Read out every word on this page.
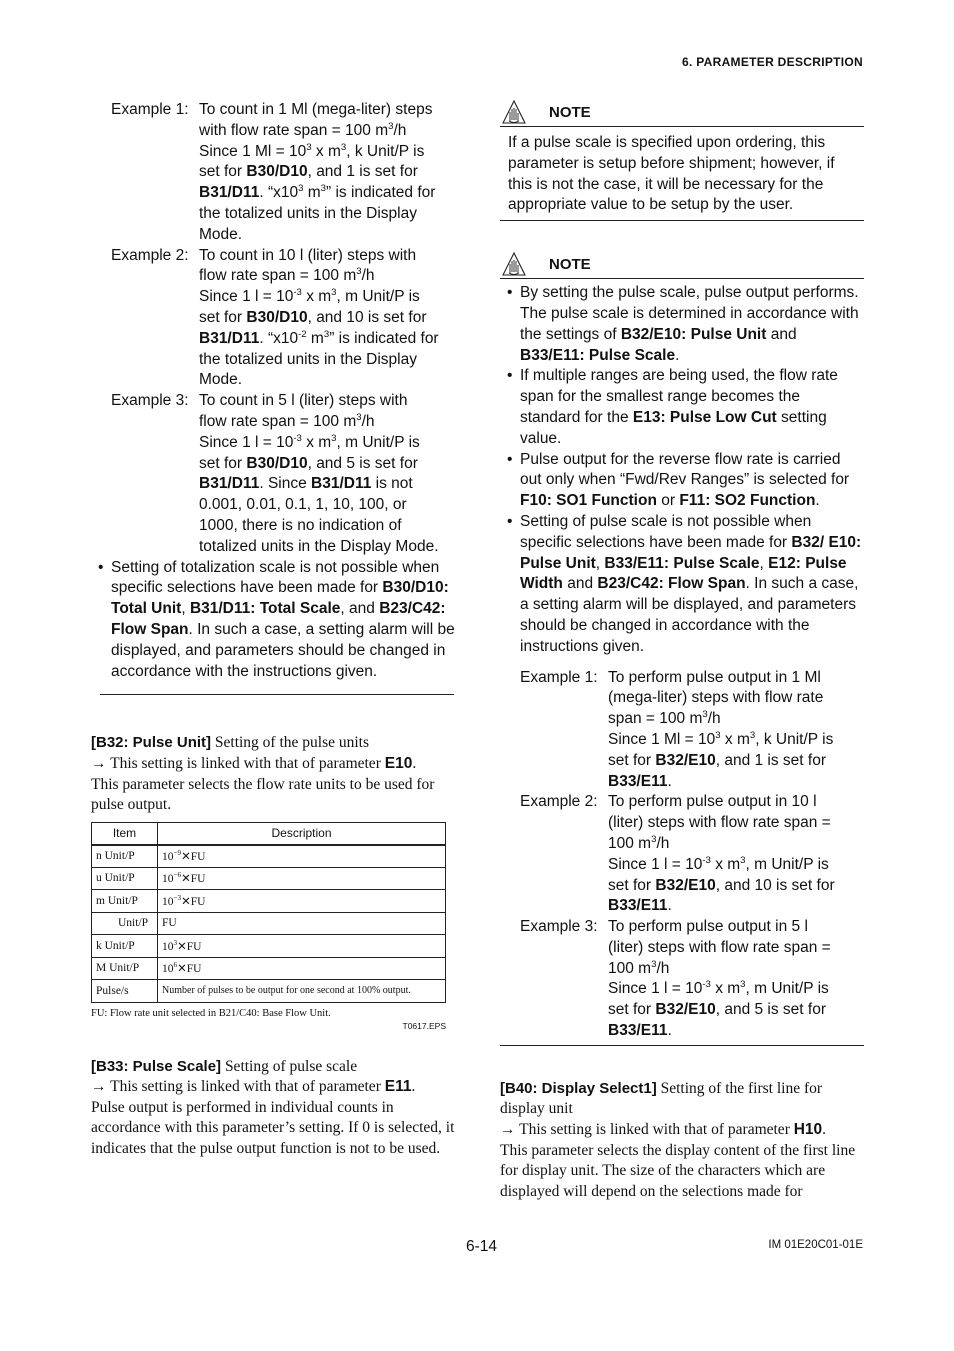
6. PARAMETER DESCRIPTION
Example 1: To count in 1 Ml (mega-liter) steps
with flow rate span = 100 $m^3/h$
Since 1 $Ml = 10^3$ x $m^3$, k Unit/P is
set for B30/D10, and 1 is set for
B31/D11. “$x10^3$ $m^3$” is indicated for
the totalized units in the Display
Mode.
Example 2: To count in 10 l (liter) steps with
flow rate span = 100 $m^3/h$
Since 1 $l = 10^{-3}$ x $m^3$, m Unit/P is
set for B30/D10, and 10 is set for
B31/D11. “$x10^{-2}$ $m^3$” is indicated for
the totalized units in the Display
Mode.
Example 3: To count in 5 l (liter) steps with
flow rate span = 100 $m^3/h$
Since 1 $l = 10^{-3}$ x $m^3$, m Unit/P is
set for B30/D10, and 5 is set for
B31/D11. Since B31/D11 is not
0.001, 0.01, 0.1, 1, 10, 100, or
1000, there is no indication of
totalized units in the Display Mode.
• Setting of totalization scale is not possible when specific selections have been made for B30/D10: Total Unit, B31/D11: Total Scale, and B23/C42: Flow Span. In such a case, a setting alarm will be displayed, and parameters should be changed in accordance with the instructions given.
[B32: Pulse Unit] Setting of the pulse units
→ This setting is linked with that of parameter E10.
This parameter selects the flow rate units to be used for pulse output.
Item	Description
n Unit/P	$10^{-9}✕FU$
u Unit/P	$10^{-6}✕FU$
m Unit/P	$10^{-3}✕FU$
Unit/P	FU
k Unit/P	$10^3✕FU$
M Unit/P	$10^6✕FU$
Pulse/s	Number of pulses to be output for one second at 100% output.
FU: Flow rate unit selected in B21/C40: Base Flow Unit.
T0617.EPS
[B33: Pulse Scale] Setting of pulse scale
→ This setting is linked with that of parameter E11.
Pulse output is performed in individual counts in accordance with this parameter’s setting. If 0 is selected, it indicates that the pulse output function is not to be used.
NOTE
If a pulse scale is specified upon ordering, this parameter is setup before shipment; however, if this is not the case, it will be necessary for the appropriate value to be setup by the user.
NOTE
• By setting the pulse scale, pulse output performs. The pulse scale is determined in accordance with the settings of B32/E10: Pulse Unit and B33/E11: Pulse Scale.
• If multiple ranges are being used, the flow rate span for the smallest range becomes the standard for the E13: Pulse Low Cut setting value.
• Pulse output for the reverse flow rate is carried out only when “Fwd/Rev Ranges” is selected for F10: SO1 Function or F11: SO2 Function.
• Setting of pulse scale is not possible when specific selections have been made for B32/ E10: Pulse Unit, B33/E11: Pulse Scale, E12: Pulse Width and B23/C42: Flow Span. In such a case, a setting alarm will be displayed, and parameters should be changed in accordance with the instructions given.
Example 1: To perform pulse output in 1 Ml
(mega-liter) steps with flow rate
span = 100 $m^3/h$
Since 1 $Ml = 10^3$ x $m^3$, k Unit/P is
set for B32/E10, and 1 is set for
B33/E11.
Example 2: To perform pulse output in 10 l
(liter) steps with flow rate span =
100 $m^3/h$
Since 1 $l = 10^{-3}$ x $m^3$, m Unit/P is
set for B32/E10, and 10 is set for
B33/E11.
Example 3: To perform pulse output in 5 l
(liter) steps with flow rate span =
100 $m^3/h$
Since 1 $l = 10^{-3}$ x $m^3$, m Unit/P is
set for B32/E10, and 5 is set for
B33/E11.
[B40: Display Select1] Setting of the first line for display unit
→ This setting is linked with that of parameter H10.
This parameter selects the display content of the first line for display unit. The size of the characters which are displayed will depend on the selections made for
6-14	IM 01E20C01-01E
